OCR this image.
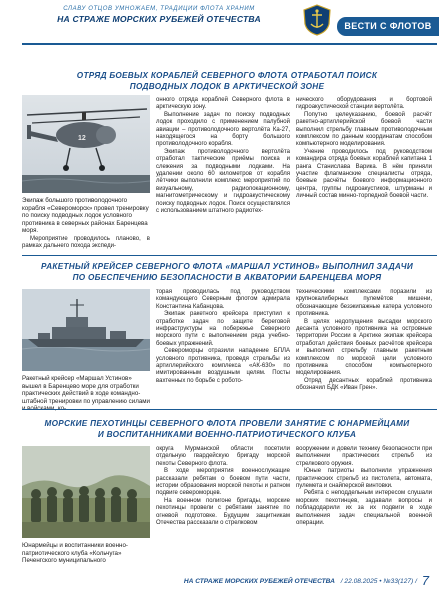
СЛАВУ ОТЦОВ УМНОЖАЕМ, ТРАДИЦИИ ФЛОТА ХРАНИМ
НА СТРАЖЕ МОРСКИХ РУБЕЖЕЙ ОТЕЧЕСТВА
ВЕСТИ С ФЛОТОВ
ОТРЯД БОЕВЫХ КОРАБЛЕЙ СЕВЕРНОГО ФЛОТА ОТРАБОТАЛ ПОИСК
ПОДВОДНЫХ ЛОДОК В АРКТИЧЕСКОЙ ЗОНЕ
12
Экипаж большого противолодочного корабля «Североморск» провел тренировку по поиску подводных лодок условного противника в северных районах Баренцева моря.

Мероприятие проводилось планово, в рамках дальнего похода экспеди-

онного отряда кораблей Северного флота в арктическую зону.

Выполнение задач по поиску подводных лодок проходило с применением палубной авиации – противолодочного вертолёта Ка-27, находящегося на борту большого противолодочного корабля.

Экипаж противолодочного вертолёта отработал тактические приёмы поиска и слежения за подводными лодками. На удалении около 60 километров от корабля лётчики выполнили комплекс мероприятий по визуальному, радиолокационному, магнитометрическому и гидроакустическому поиску подводных лодок. Поиск осуществлялся с использованием штатного радиотех-

нического оборудования и бортовой гидроакустической станции вертолёта.

Попутно целеуказанию, боевой расчёт ракетно-артиллерийской боевой части выполнил стрельбу главным противолодочным комплексом по данным координатам способом компьютерного моделирования.

Учение проводилось под руководством командира отряда боевых кораблей капитана 1 ранга Станислава Варика. В нём приняли участие флагманские специалисты отряда, боевые расчёты боевого информационного центра, группы гидроакустиков, штурманы и личный состав минно-торпедной боевой части.

РАКЕТНЫЙ КРЕЙСЕР СЕВЕРНОГО ФЛОТА «МАРШАЛ УСТИНОВ» ВЫПОЛНИЛ ЗАДАЧИ
ПО ОБЕСПЕЧЕНИЮ БЕЗОПАСНОСТИ В АКВАТОРИИ БАРЕНЦЕВА МОРЯ
Ракетный крейсер «Маршал Устинов» вышел в Баренцево море для отработки практических действий в ходе командно-штабной тренировки по управлению силами

торая проводилась под руководством командующего Северным флотом адмирала Константина Кабанцова.

Экипаж ракетного крейсера приступил к отработке задач по защите береговой инфраструктуры на побережье Северного морского пути с выполнением ряда учебно-боевых упражнений.

Североморцы отразили нападение БПЛА условного противника, проведя стрельбы из артиллерийского комплекса «АК-630» по имитированным воздушным целям. Посты вахтенных по борьбе с робото-

техническими комплексами поразили из крупнокалиберных пулемётов мишени, обозначающие безэкипажные катера условного противника.

В целях недопущения высадки морского десанта условного противника на островные территории России в Арктике экипаж крейсера отработал действия боевых расчётов крейсера и выполнил стрельбу главным ракетным комплексом по морской цели условного противника способом компьютерного моделирования.

Отряд десантных кораблей противника обозначил БДК «Иван Грен».

МОРСКИЕ ПЕХОТИНЦЫ СЕВЕРНОГО ФЛОТА ПРОВЕЛИ ЗАНЯТИЕ С ЮНАРМЕЙЦАМИ
И ВОСПИТАННИКАМИ ВОЕННО-ПАТРИОТИЧЕСКОГО КЛУБА
Юнармейцы и воспитанники военно-патриотического клуба «Кольчуга» Печенгского муниципального

округа Мурманской области посетили отдельную гвардейскую бригаду морской пехоты Северного флота.

В ходе мероприятия военнослужащие рассказали ребятам о боевом пути части, истории образования морской пехоты и ратном подвиге североморцев.

На военном полигоне бригады, морские пехотинцы провели с ребятами занятие по огневой подготовке. Будущим защитникам Отечества рассказали о стрелковом

вооружении и довели технику безопасности при выполнении практических стрельб из стрелкового оружия.

Юные патриоты выполнили упражнения практических стрельб из пистолета, автомата, пулемета и снайперской винтовки.

Ребята с неподдельным интересом слушали морских пехотинцев, задавали вопросы и побладодарили их за их подвиги в ходе выполнения задач специальной военной операции.

НА СТРАЖЕ МОРСКИХ РУБЕЖЕЙ ОТЕЧЕСТВА / 22.08.2025 • №33(127) / 7
